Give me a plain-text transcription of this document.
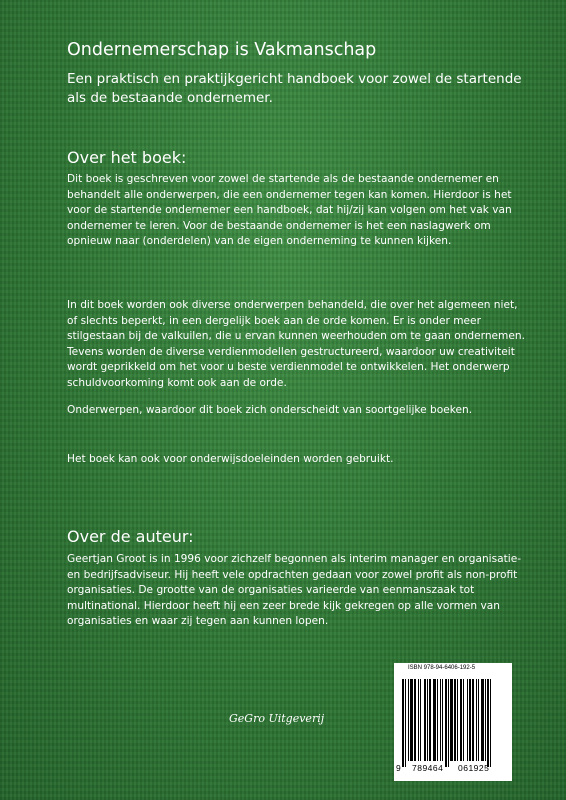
Ondernemerschap is Vakmanschap

Een praktisch en praktijkgericht handboek voor zowel de startende als de bestaande ondernemer.

Over het boek:

Dit boek is geschreven voor zowel de startende als de bestaande ondernemer en behandelt alle onderwerpen, die een ondernemer tegen kan komen. Hierdoor is het voor de startende ondernemer een handboek, dat hij/zij kan volgen om het vak van ondernemer te leren. Voor de bestaande ondernemer is het een naslagwerk om opnieuw naar (onderdelen) van de eigen onderneming te kunnen kijken.

In dit boek worden ook diverse onderwerpen behandeld, die over het algemeen niet, of slechts beperkt, in een dergelijk boek aan de orde komen. Er is onder meer stilgestaan bij de valkuilen, die u ervan kunnen weerhouden om te gaan ondernemen. Tevens worden de diverse verdienmodellen gestructureerd, waardoor uw creativiteit wordt geprikkeld om het voor u beste verdienmodel te ontwikkelen. Het onderwerp schuldvoorkoming komt ook aan de orde.

Onderwerpen, waardoor dit boek zich onderscheidt van soortgelijke boeken.

Het boek kan ook voor onderwijsdoeleinden worden gebruikt.

Over de auteur:

Geertjan Groot is in 1996 voor zichzelf begonnen als interim manager en organisatie- en bedrijfsadviseur. Hij heeft vele opdrachten gedaan voor zowel profit als non-profit organisaties. De grootte van de organisaties varieerde van eenmanszaak tot multinational. Hierdoor heeft hij een zeer brede kijk gekregen op alle vormen van organisaties en waar zij tegen aan kunnen lopen.

GeGro Uitgeverij
ISBN 978-94-6406-192-5
9 789464 061925
